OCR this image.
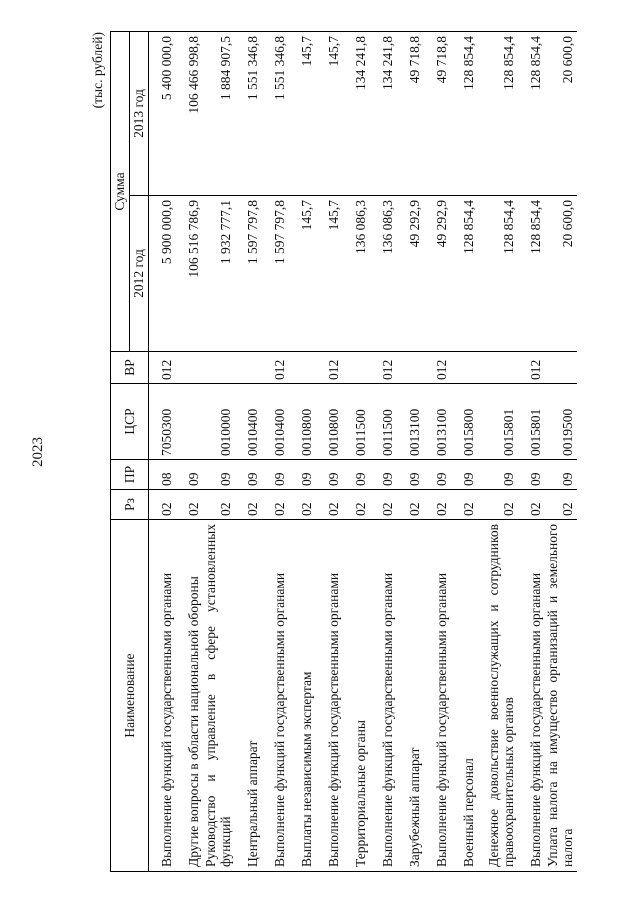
2023
(тыс. рублей)
Наименование	Рз	ПР	ЦСР	ВР	Сумма	
					2012 год	2013 год
Выполнение функций государственными органами	02	08	7050300	012	5 900 000,0	5 400 000,0
Другие вопросы в области национальной обороны	02	09			106 516 786,9	106 466 998,8
Руководство и управление в сфере установленных функций	02	09	0010000		1 932 777,1	1 884 907,5
Центральный аппарат	02	09	0010400		1 597 797,8	1 551 346,8
Выполнение функций государственными органами	02	09	0010400	012	1 597 797,8	1 551 346,8
Выплаты независимым экспертам	02	09	0010800		145,7	145,7
Выполнение функций государственными органами	02	09	0010800	012	145,7	145,7
Территориальные органы	02	09	0011500		136 086,3	134 241,8
Выполнение функций государственными органами	02	09	0011500	012	136 086,3	134 241,8
Зарубежный аппарат	02	09	0013100		49 292,9	49 718,8
Выполнение функций государственными органами	02	09	0013100	012	49 292,9	49 718,8
Военный персонал	02	09	0015800		128 854,4	128 854,4
Денежное довольствие военнослужащих и сотрудников правоохранительных органов	02	09	0015801		128 854,4	128 854,4
Выполнение функций государственными органами	02	09	0015801	012	128 854,4	128 854,4
Уплата налога на имущество организаций и земельного налога	02	09	0019500		20 600,0	20 600,0
